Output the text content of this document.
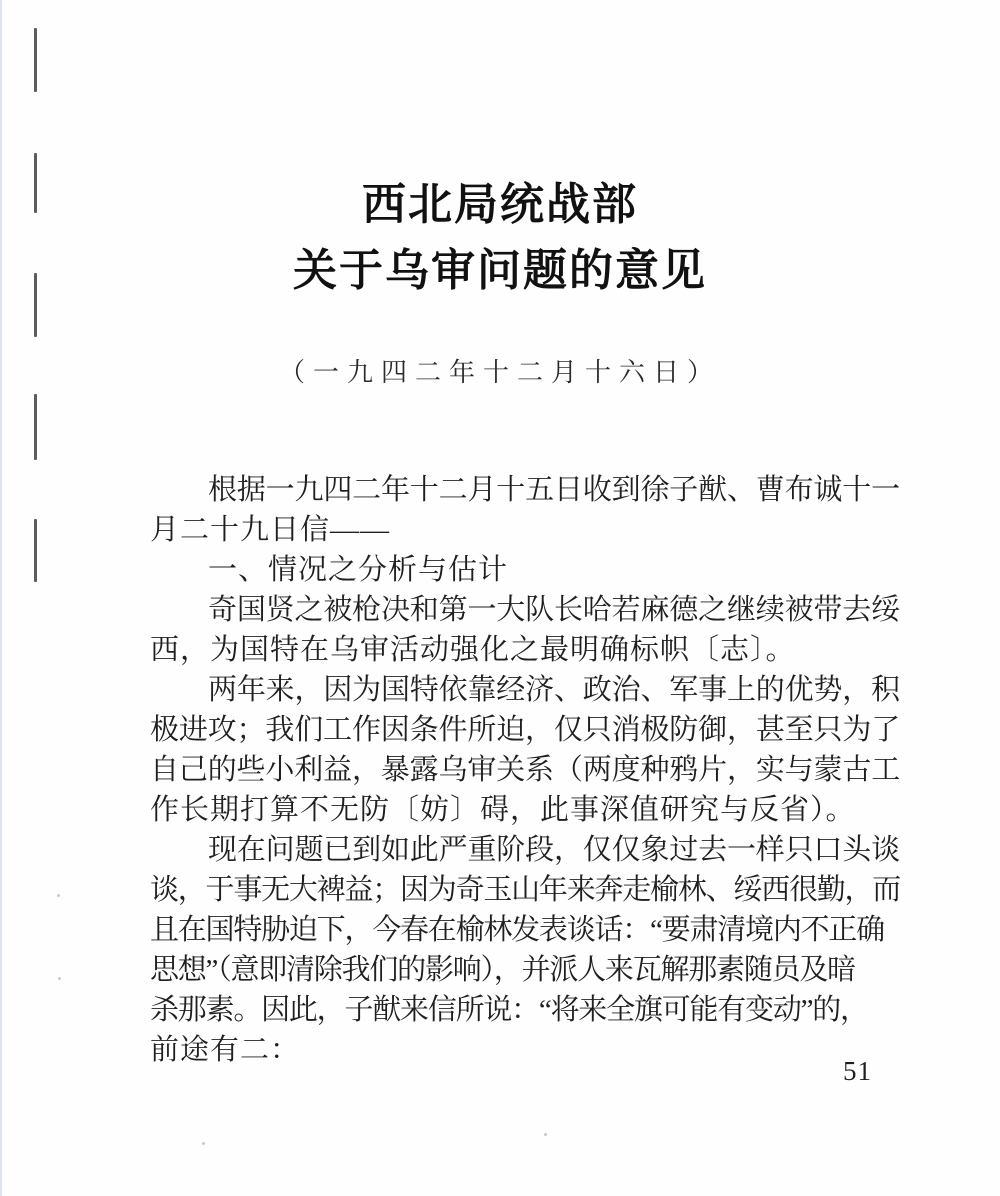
西北局统战部
关于乌审问题的意见
（一九四二年十二月十六日）
根据一九四二年十二月十五日收到徐子猷、曹布诚十一
月二十九日信——
一、情况之分析与估计
奇国贤之被枪决和第一大队长哈若麻德之继续被带去绥
西，为国特在乌审活动强化之最明确标帜〔志〕。
两年来，因为国特依靠经济、政治、军事上的优势，积
极进攻；我们工作因条件所迫，仅只消极防御，甚至只为了
自己的些小利益，暴露乌审关系（两度种鸦片，实与蒙古工
作长期打算不无防〔妨〕碍，此事深值研究与反省）。
现在问题已到如此严重阶段，仅仅象过去一样只口头谈
谈，于事无大裨益；因为奇玉山年来奔走榆林、绥西很勤，而
且在国特胁迫下，今春在榆林发表谈话：“要肃清境内不正确
思想”（意即清除我们的影响），并派人来瓦解那素随员及暗
杀那素。因此，子猷来信所说：“将来全旗可能有变动”的，
前途有二：
51
